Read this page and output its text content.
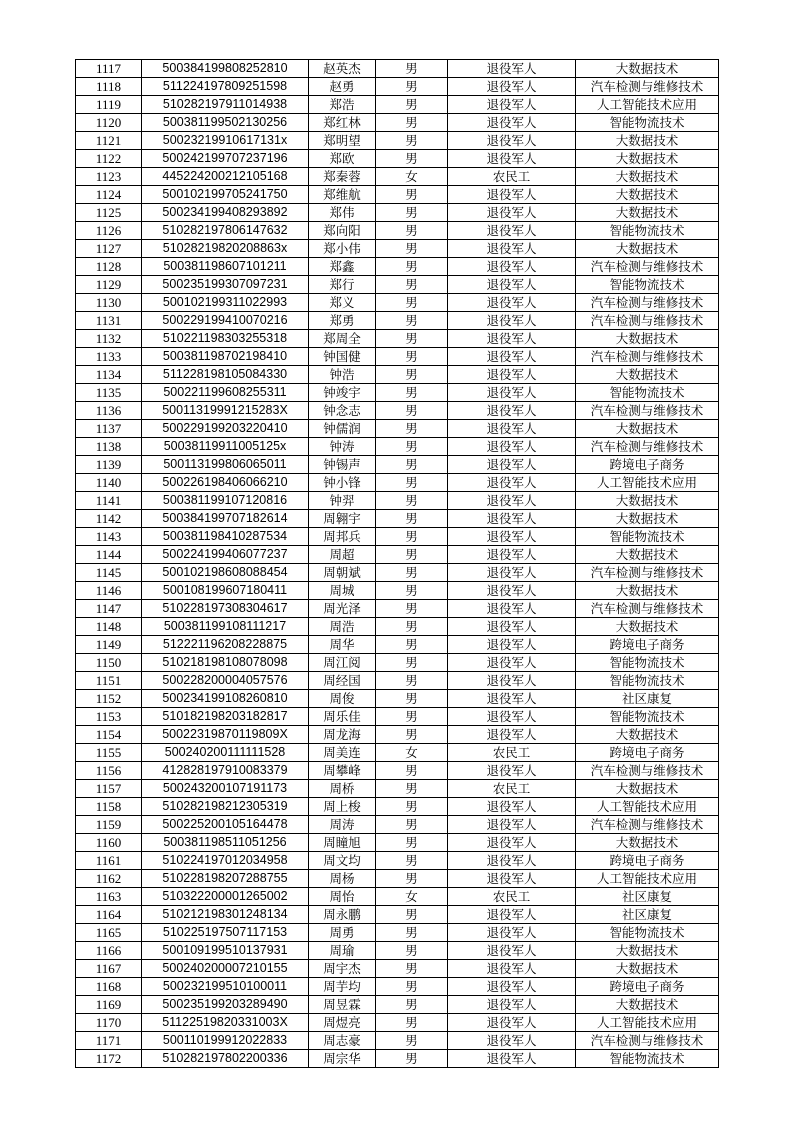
1117	500384199808252810	赵英杰	男	退役军人	大数据技术
1118	511224197809251598	赵勇	男	退役军人	汽车检测与维修技术
1119	510282197911014938	郑浩	男	退役军人	人工智能技术应用
1120	500381199502130256	郑红林	男	退役军人	智能物流技术
1121	50023219910617131x	郑明望	男	退役军人	大数据技术
1122	500242199707237196	郑欧	男	退役军人	大数据技术
1123	445224200212105168	郑秦蓉	女	农民工	大数据技术
1124	500102199705241750	郑维航	男	退役军人	大数据技术
1125	500234199408293892	郑伟	男	退役军人	大数据技术
1126	510282197806147632	郑向阳	男	退役军人	智能物流技术
1127	51028219820208863x	郑小伟	男	退役军人	大数据技术
1128	500381198607101211	郑鑫	男	退役军人	汽车检测与维修技术
1129	500235199307097231	郑行	男	退役军人	智能物流技术
1130	500102199311022993	郑义	男	退役军人	汽车检测与维修技术
1131	500229199410070216	郑勇	男	退役军人	汽车检测与维修技术
1132	510221198303255318	郑周全	男	退役军人	大数据技术
1133	500381198702198410	钟国健	男	退役军人	汽车检测与维修技术
1134	511228198105084330	钟浩	男	退役军人	大数据技术
1135	500221199608255311	钟竣宇	男	退役军人	智能物流技术
1136	50011319991215283X	钟念志	男	退役军人	汽车检测与维修技术
1137	500229199203220410	钟儒润	男	退役军人	大数据技术
1138	50038119911005125x	钟涛	男	退役军人	汽车检测与维修技术
1139	500113199806065011	钟锡声	男	退役军人	跨境电子商务
1140	500226198406066210	钟小锋	男	退役军人	人工智能技术应用
1141	500381199107120816	钟羿	男	退役军人	大数据技术
1142	500384199707182614	周翱宇	男	退役军人	大数据技术
1143	500381198410287534	周邦兵	男	退役军人	智能物流技术
1144	500224199406077237	周超	男	退役军人	大数据技术
1145	500102198608088454	周朝斌	男	退役军人	汽车检测与维修技术
1146	500108199607180411	周城	男	退役军人	大数据技术
1147	510228197308304617	周光泽	男	退役军人	汽车检测与维修技术
1148	500381199108111217	周浩	男	退役军人	大数据技术
1149	512221196208228875	周华	男	退役军人	跨境电子商务
1150	510218198108078098	周江阅	男	退役军人	智能物流技术
1151	500228200004057576	周经国	男	退役军人	智能物流技术
1152	500234199108260810	周俊	男	退役军人	社区康复
1153	510182198203182817	周乐佳	男	退役军人	智能物流技术
1154	50022319870119809X	周龙海	男	退役军人	大数据技术
1155	500240200111111528	周美连	女	农民工	跨境电子商务
1156	412828197910083379	周攀峰	男	退役军人	汽车检测与维修技术
1157	500243200107191173	周桥	男	农民工	大数据技术
1158	510282198212305319	周上梭	男	退役军人	人工智能技术应用
1159	500225200105164478	周涛	男	退役军人	汽车检测与维修技术
1160	500381198511051256	周瞳旭	男	退役军人	大数据技术
1161	510224197012034958	周文均	男	退役军人	跨境电子商务
1162	510228198207288755	周杨	男	退役军人	人工智能技术应用
1163	510322200001265002	周怡	女	农民工	社区康复
1164	510212198301248134	周永鹏	男	退役军人	社区康复
1165	510225197507117153	周勇	男	退役军人	智能物流技术
1166	500109199510137931	周瑜	男	退役军人	大数据技术
1167	500240200007210155	周宇杰	男	退役军人	大数据技术
1168	500232199510100011	周芋均	男	退役军人	跨境电子商务
1169	500235199203289490	周昱霖	男	退役军人	大数据技术
1170	51122519820331003X	周煜亮	男	退役军人	人工智能技术应用
1171	500110199912022833	周志豪	男	退役军人	汽车检测与维修技术
1172	510282197802200336	周宗华	男	退役军人	智能物流技术
